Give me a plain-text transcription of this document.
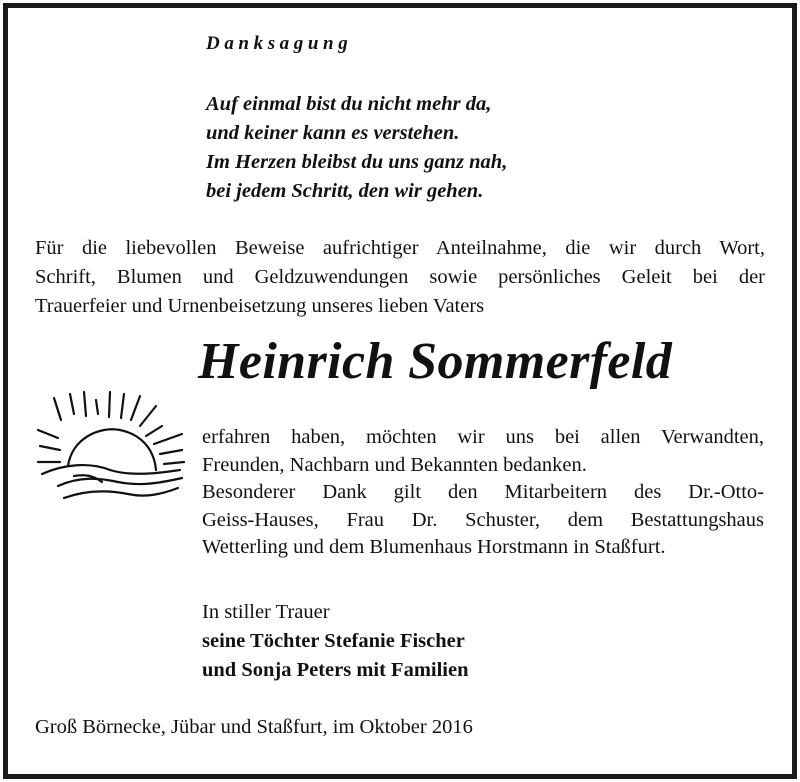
Danksagung
Auf einmal bist du nicht mehr da,
und keiner kann es verstehen.
Im Herzen bleibst du uns ganz nah,
bei jedem Schritt, den wir gehen.
Für die liebevollen Beweise aufrichtiger Anteilnahme, die wir durch Wort,
Schrift, Blumen und Geldzuwendungen sowie persönliches Geleit bei der
Trauerfeier und Urnenbeisetzung unseres lieben Vaters
Heinrich Sommerfeld
erfahren haben, möchten wir uns bei allen Verwandten,
Freunden, Nachbarn und Bekannten bedanken.
Besonderer Dank gilt den Mitarbeitern des Dr.-Otto-
Geiss-Hauses, Frau Dr. Schuster, dem Bestattungshaus
Wetterling und dem Blumenhaus Horstmann in Staßfurt.
In stiller Trauer
seine Töchter Stefanie Fischer
und Sonja Peters mit Familien
Groß Börnecke, Jübar und Staßfurt, im Oktober 2016
